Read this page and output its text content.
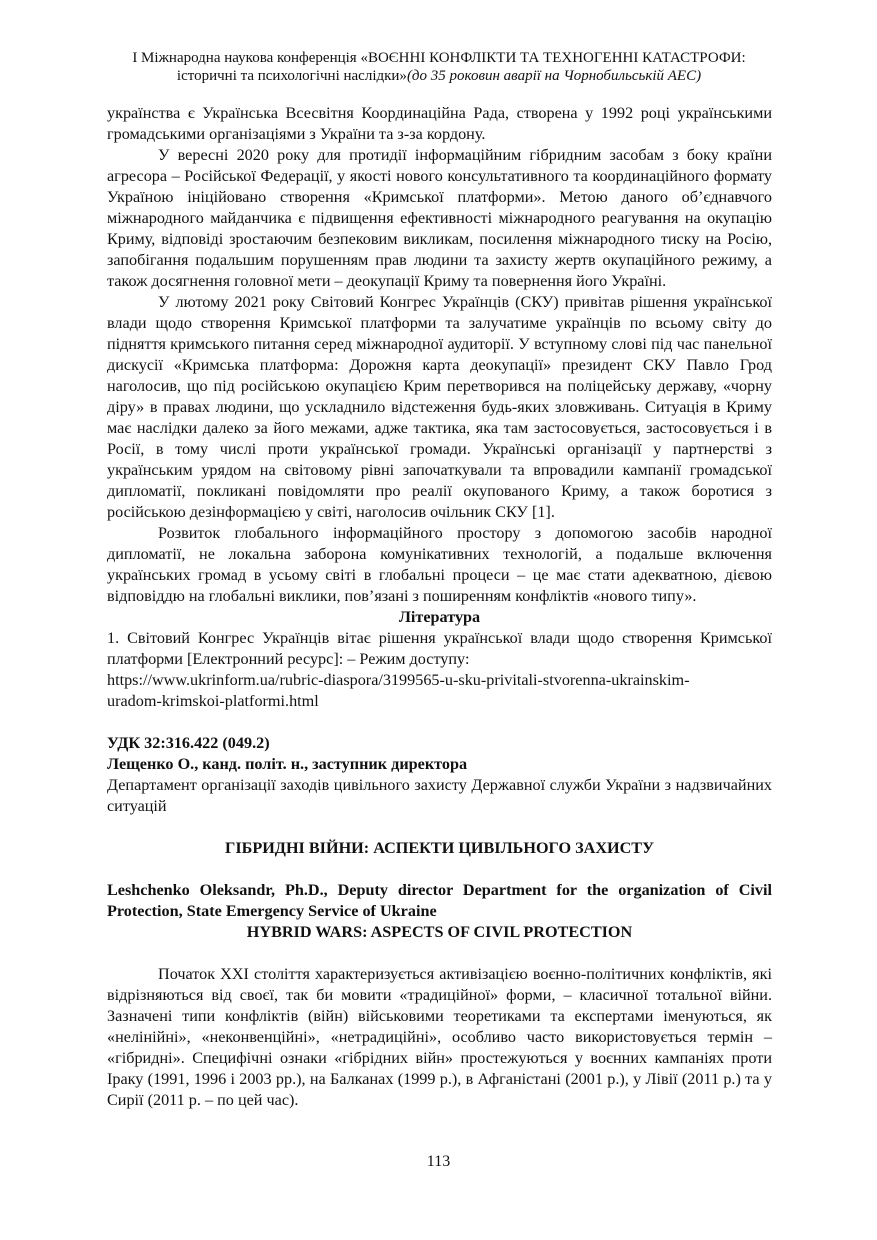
I Міжнародна наукова конференція «ВОЄННІ КОНФЛІКТИ ТА ТЕХНОГЕННІ КАТАСТРОФИ:
історичні та психологічні наслідки»(до 35 роковин аварії на Чорнобильській АЕС)

українства є Українська Всесвітня Координаційна Рада, створена у 1992 році українськими громадськими організаціями з України та з-за кордону.

У вересні 2020 року для протидії інформаційним гібридним засобам з боку країни агресора – Російської Федерації, у якості нового консультативного та координаційного формату Україною ініційовано створення «Кримської платформи». Метою даного об’єднавчого міжнародного майданчика є підвищення ефективності міжнародного реагування на окупацію Криму, відповіді зростаючим безпековим викликам, посилення міжнародного тиску на Росію, запобігання подальшим порушенням прав людини та захисту жертв окупаційного режиму, а також досягнення головної мети – деокупації Криму та повернення його Україні.

У лютому 2021 року Світовий Конгрес Українців (СКУ) привітав рішення української влади щодо створення Кримської платформи та залучатиме українців по всьому світу до підняття кримського питання серед міжнародної аудиторії. У вступному слові під час панельної дискусії «Кримська платформа: Дорожня карта деокупації» президент СКУ Павло Грод наголосив, що під російською окупацією Крим перетворився на поліцейську державу, «чорну діру» в правах людини, що ускладнило відстеження будь-яких зловживань. Ситуація в Криму має наслідки далеко за його межами, адже тактика, яка там застосовується, застосовується і в Росії, в тому числі проти української громади. Українські організації у партнерстві з українським урядом на світовому рівні започаткували та впровадили кампанії громадської дипломатії, покликані повідомляти про реалії окупованого Криму, а також боротися з російською дезінформацією у світі, наголосив очільник СКУ [1].

Розвиток глобального інформаційного простору з допомогою засобів народної дипломатії, не локальна заборона комунікативних технологій, а подальше включення українських громад в усьому світі в глобальні процеси – це має стати адекватною, дієвою відповіддю на глобальні виклики, пов’язані з поширенням конфліктів «нового типу».

Література

1. Світовий Конгрес Українців вітає рішення української влади щодо створення Кримської платформи [Електронний ресурс]: – Режим доступу:

https://www.ukrinform.ua/rubric-diaspora/3199565-u-sku-privitali-stvorenna-ukrainskim-

uradom-krimskoi-platformi.html

УДК 32:316.422 (049.2)

Лещенко О., канд. політ. н., заступник директора

Департамент організації заходів цивільного захисту Державної служби України з надзвичайних ситуацій

ГІБРИДНІ ВІЙНИ: АСПЕКТИ ЦИВІЛЬНОГО ЗАХИСТУ

Leshchenko Oleksandr, Ph.D., Deputy director Department for the organization of Civil Protection, State Emergency Service of Ukraine

HYBRID WARS: ASPECTS OF CIVIL PROTECTION

Початок XXI століття характеризується активізацією воєнно-політичних конфліктів, які відрізняються від своєї, так би мовити «традиційної» форми, – класичної тотальної війни. Зазначені типи конфліктів (війн) військовими теоретиками та експертами іменуються, як «нелінійні», «неконвенційні», «нетрадиційні», особливо часто використовується термін – «гібридні». Специфічні ознаки «гібрідних війн» простежуються у воєнних кампаніях проти Іраку (1991, 1996 і 2003 рр.), на Балканах (1999 р.), в Афганістані (2001 р.), у Лівії (2011 р.) та у Сирії (2011 р. – по цей час).

113
